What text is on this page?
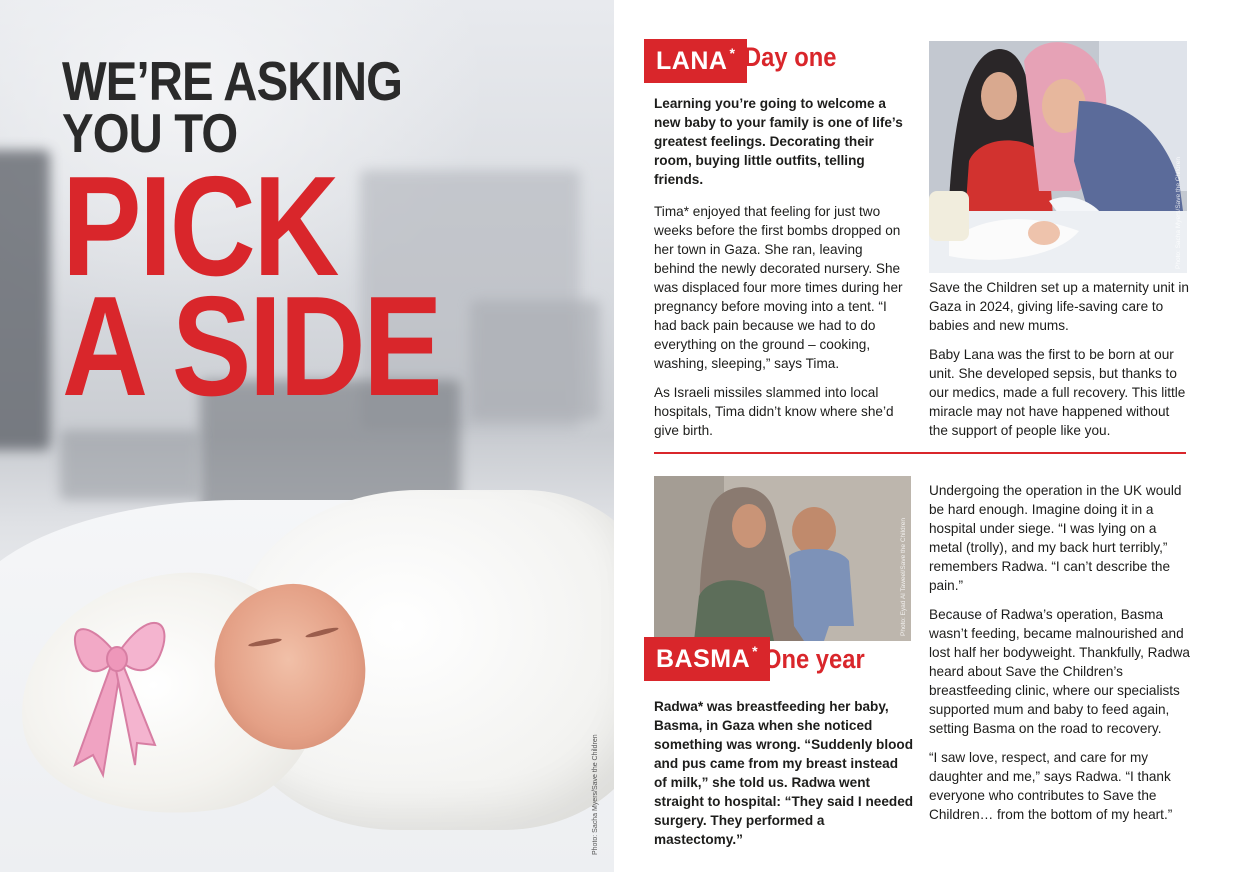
WE’RE ASKING
YOU TO
PICK
A SIDE
Photo: Sacha Myers/Save the Children
LANA * Day one
Learning you’re going to welcome a new baby to your family is one of life’s greatest feelings. Decorating their room, buying little outfits, telling friends.

Tima* enjoyed that feeling for just two weeks before the first bombs dropped on her town in Gaza. She ran, leaving behind the newly decorated nursery. She was displaced four more times during her pregnancy before moving into a tent. “I had back pain because we had to do everything on the ground – cooking, washing, sleeping,” says Tima.

As Israeli missiles slammed into local hospitals, Tima didn’t know where she’d give birth.

Photo: Sacha Myers/Save the Children

Save the Children set up a maternity unit in Gaza in 2024, giving life-saving care to babies and new mums.

Baby Lana was the first to be born at our unit. She developed sepsis, but thanks to our medics, made a full recovery. This little miracle may not have happened without the support of people like you.

Photo: Eyad Al Taweel/Save the Children
BASMA * One year
Radwa* was breastfeeding her baby, Basma, in Gaza when she noticed something was wrong. “Suddenly blood and pus came from my breast instead of milk,” she told us. Radwa went straight to hospital: “They said I needed surgery. They performed a mastectomy.”

Undergoing the operation in the UK would be hard enough. Imagine doing it in a hospital under siege. “I was lying on a metal (trolly), and my back hurt terribly,” remembers Radwa. “I can’t describe the pain.”

Because of Radwa’s operation, Basma wasn’t feeding, became malnourished and lost half her bodyweight. Thankfully, Radwa heard about Save the Children’s breastfeeding clinic, where our specialists supported mum and baby to feed again, setting Basma on the road to recovery.

“I saw love, respect, and care for my daughter and me,” says Radwa. “I thank everyone who contributes to Save the Children… from the bottom of my heart.”
